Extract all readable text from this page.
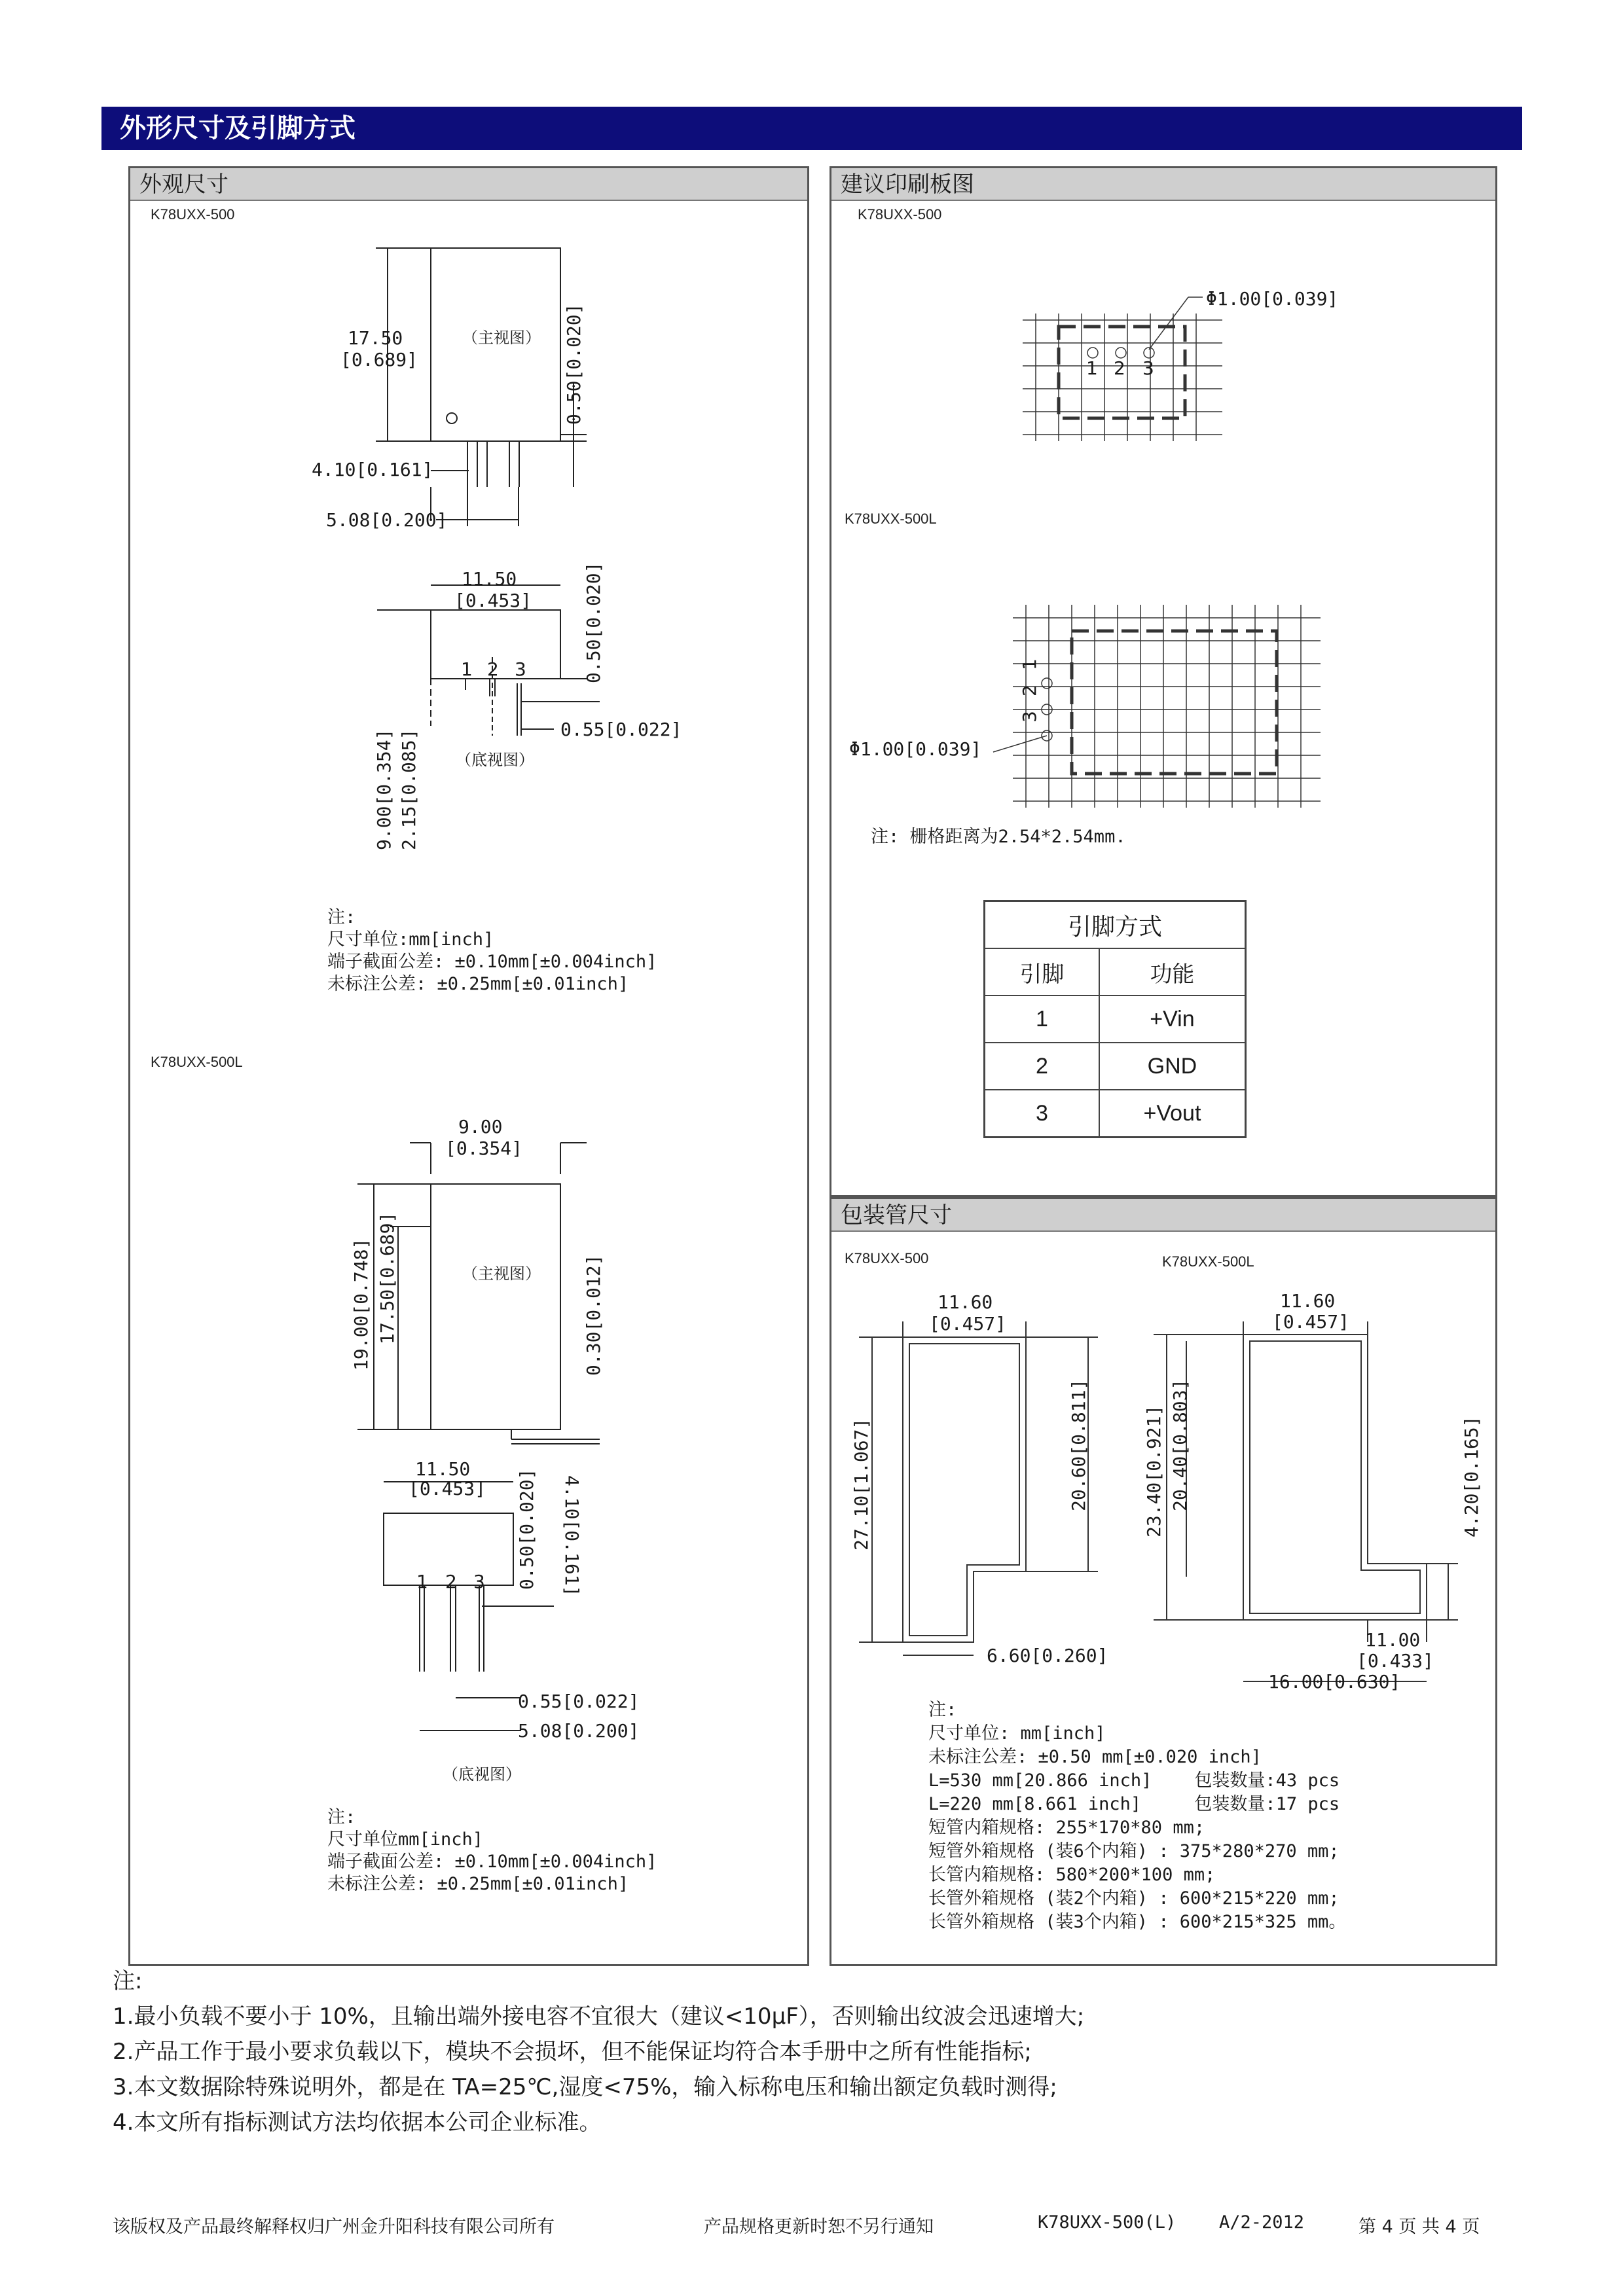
外形尺寸及引脚方式
外观尺寸
K78UXX-500
K78UXX-500L
（主视图）
17.50
[0.689]	0.50[0.020]
4.10[0.161]
5.08[0.200]
11.50
[0.453]	0.50[0.020]
1 2 3
0.55[0.022]
（底视图）
9.00[0.354] 2.15[0.085]
9.00
[0.354]
（主视图）
19.00[0.748] 17.50[0.689]	0.30[0.012]
11.50
[0.453] 0.50[0.020] 4.10[0.161]
1 2 3
0.55[0.022]
5.08[0.200]
（底视图）
注:
尺寸单位:mm[inch]
端子截面公差: ±0.10mm[±0.004inch]
未标注公差: ±0.25mm[±0.01inch]
注:
尺寸单位mm[inch]
端子截面公差: ±0.10mm[±0.004inch]
未标注公差: ±0.25mm[±0.01inch]
建议印刷板图
K78UXX-500
K78UXX-500L
Φ1.00[0.039]
1 2 3
Φ1.00[0.039]
1
2
3
注: 栅格距离为2.54*2.54mm.
引脚方式	
引脚	功能
1	+Vin
2	GND
3	+Vout
包装管尺寸
K78UXX-500	K78UXX-500L
11.60
[0.457]
27.10[1.067]	20.60[0.811]
6.60[0.260]
11.60
[0.457]
23.40[0.921] 20.40[0.803]	4.20[0.165]
11.00
[0.433]
16.00[0.630]
注:
尺寸单位: mm[inch]
未标注公差: ±0.50 mm[±0.020 inch]
L=530 mm[20.866 inch]    包装数量:43 pcs
L=220 mm[8.661 inch]     包装数量:17 pcs
短管内箱规格: 255*170*80 mm;
短管外箱规格 (装6个内箱) : 375*280*270 mm;
长管内箱规格: 580*200*100 mm;
长管外箱规格 (装2个内箱) : 600*215*220 mm;
长管外箱规格 (装3个内箱) : 600*215*325 mm。
注:
1.最小负载不要小于 10%，且输出端外接电容不宜很大（建议<10μF），否则输出纹波会迅速增大;
2.产品工作于最小要求负载以下，模块不会损坏，但不能保证均符合本手册中之所有性能指标;
3.本文数据除特殊说明外，都是在 TA=25℃,湿度<75%，输入标称电压和输出额定负载时测得;
4.本文所有指标测试方法均依据本公司企业标准。
该版权及产品最终解释权归广州金升阳科技有限公司所有	产品规格更新时恕不另行通知	K78UXX-500(L) A/2-2012	第 4 页 共 4 页
